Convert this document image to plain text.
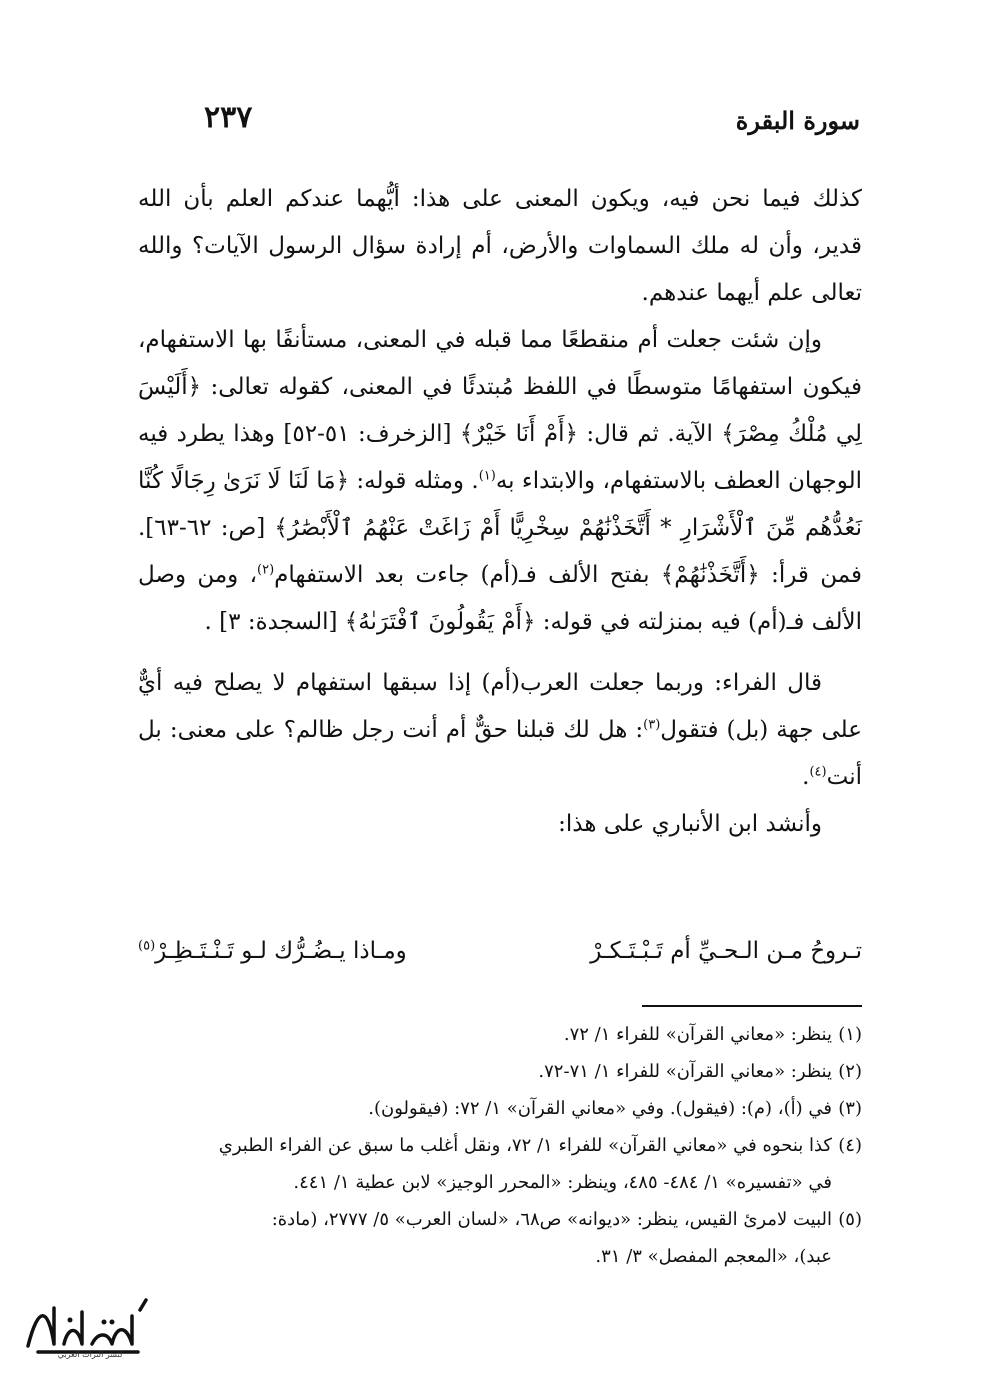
سورة البقرة
٢٣٧

كذلك فيما نحن فيه، ويكون المعنى على هذا: أيُّهما عندكم العلم بأن الله قدير، وأن له ملك السماوات والأرض، أم إرادة سؤال الرسول الآيات؟ والله تعالى علم أيهما عندهم.

وإن شئت جعلت أم منقطعًا مما قبله في المعنى، مستأنفًا بها الاستفهام، فيكون استفهامًا متوسطًا في اللفظ مُبتدئًا في المعنى، كقوله تعالى: ﴿أَلَيْسَ لِي مُلْكُ مِصْرَ﴾ الآية. ثم قال: ﴿أَمْ أَنَا خَيْرٌ﴾ [الزخرف: ٥١-٥٢] وهذا يطرد فيه الوجهان العطف بالاستفهام، والابتداء به$^{(١)}$. ومثله قوله: ﴿مَا لَنَا لَا نَرَىٰ رِجَالًا كُنَّا نَعُدُّهُم مِّنَ ٱلْأَشْرَارِ * أَتَّخَذْنَٰهُمْ سِخْرِيًّا أَمْ زَاغَتْ عَنْهُمُ ٱلْأَبْصَٰرُ﴾ [ص: ٦٢-٦٣]. فمن قرأ: ﴿أَتَّخَذْنَٰهُمْ﴾ بفتح الألف فـ(أم) جاءت بعد الاستفهام$^{(٢)}$، ومن وصل الألف فـ(أم) فيه بمنزلته في قوله: ﴿أَمْ يَقُولُونَ ٱفْتَرَىٰهُ﴾ [السجدة: ٣] .

قال الفراء: وربما جعلت العرب(أم) إذا سبقها استفهام لا يصلح فيه أيٌّ على جهة (بل) فتقول$^{(٣)}$: هل لك قبلنا حقٌّ أم أنت رجل ظالم؟ على معنى: بل أنت$^{(٤)}$.

وأنشد ابن الأنباري على هذا:

تـروحُ مـن الـحـيِّ أم تَـبْـتَـكـرْ
ومـاذا يـضُـرُّك لـو تَـنْـتَـظِـرْ$^{(٥)}$

(١)ينظر: «معاني القرآن» للفراء ١/ ٧٢.

(٢)ينظر: «معاني القرآن» للفراء ١/ ٧١-٧٢.

(٣)في (أ)، (م): (فيقول). وفي «معاني القرآن» ١/ ٧٢: (فيقولون).

(٤)كذا بنحوه في «معاني القرآن» للفراء ١/ ٧٢، ونقل أغلب ما سبق عن الفراء الطبري

في «تفسيره» ١/ ٤٨٤- ٤٨٥، وينظر: «المحرر الوجيز» لابن عطية ١/ ٤٤١.

(٥)البيت لامرئ القيس، ينظر: «ديوانه» ص٦٨، «لسان العرب» ٥/ ٢٧٧٧، (مادة:

عبد)، «المعجم المفصل» ٣/ ٣١.

لنشر التراث العربي
